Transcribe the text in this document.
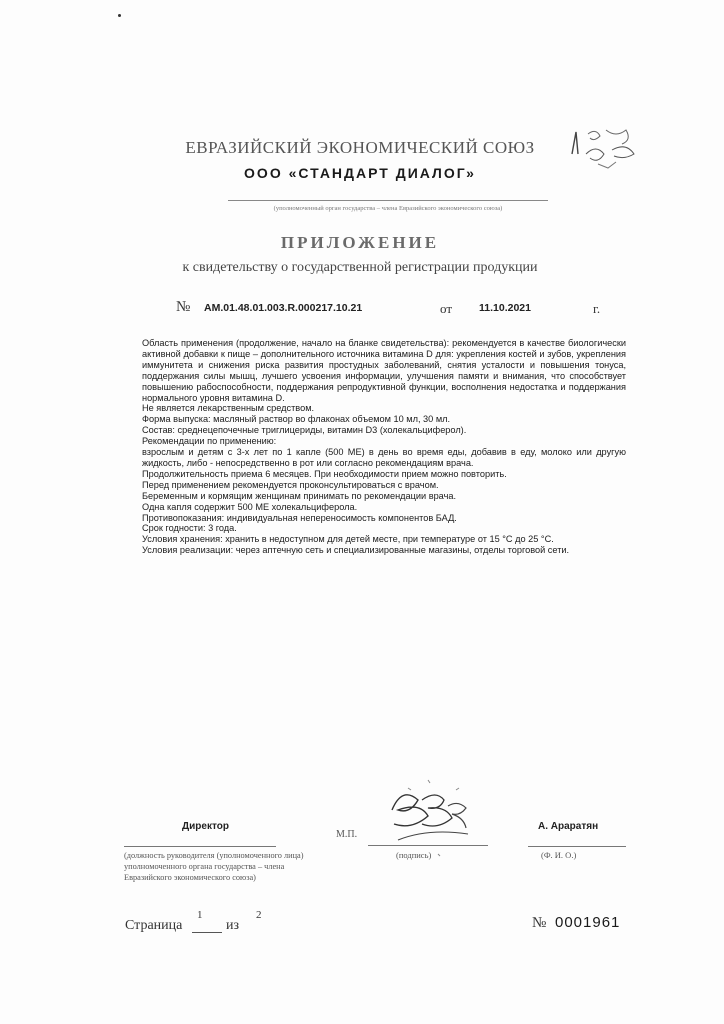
ЕВРАЗИЙСКИЙ ЭКОНОМИЧЕСКИЙ СОЮЗ
ООО «СТАНДАРТ ДИАЛОГ»
(уполномоченный орган государства – члена Евразийского экономического союза)
ПРИЛОЖЕНИЕ
к свидетельству о государственной регистрации продукции
№ АМ.01.48.01.003.R.000217.10.21	от	11.10.2021	г.

Область применения (продолжение, начало на бланке свидетельства): рекомендуется в качестве биологически активной добавки к пище – дополнительного источника витамина D для: укрепления костей и зубов, укрепления иммунитета и снижения риска развития простудных заболеваний, снятия усталости и повышения тонуса, поддержания силы мышц, лучшего усвоения информации, улучшения памяти и внимания, что способствует повышению рабоспособности, поддержания репродуктивной функции, восполнения недостатка и поддержания нормального уровня витамина D.

Не является лекарственным средством.

Форма выпуска: масляный раствор во флаконах объемом 10 мл, 30 мл.

Состав: среднецепочечные триглицериды, витамин D3 (холекальциферол).

Рекомендации по применению:

взрослым и детям с 3-х лет по 1 капле (500 МЕ) в день во время еды, добавив в еду, молоко или другую жидкость, либо - непосредственно в рот или согласно рекомендациям врача.

Продолжительность приема 6 месяцев. При необходимости прием можно повторить.

Перед применением рекомендуется проконсультироваться с врачом.

Беременным и кормящим женщинам принимать по рекомендации врача.

Одна капля содержит 500 МЕ холекальциферола.

Противопоказания: индивидуальная непереносимость компонентов БАД.

Срок годности: 3 года.

Условия хранения: хранить в недоступном для детей месте, при температуре от 15 °С до 25 °С.

Условия реализации: через аптечную сеть и специализированные магазины, отделы торговой сети.

Директор
(должность руководителя (уполномоченного лица) уполномоченного органа государства – члена Евразийского экономического союза)
М.П.
(подпись)
А. Араратян
(Ф. И. О.)
Страница
1
из
2	№ 0001961
